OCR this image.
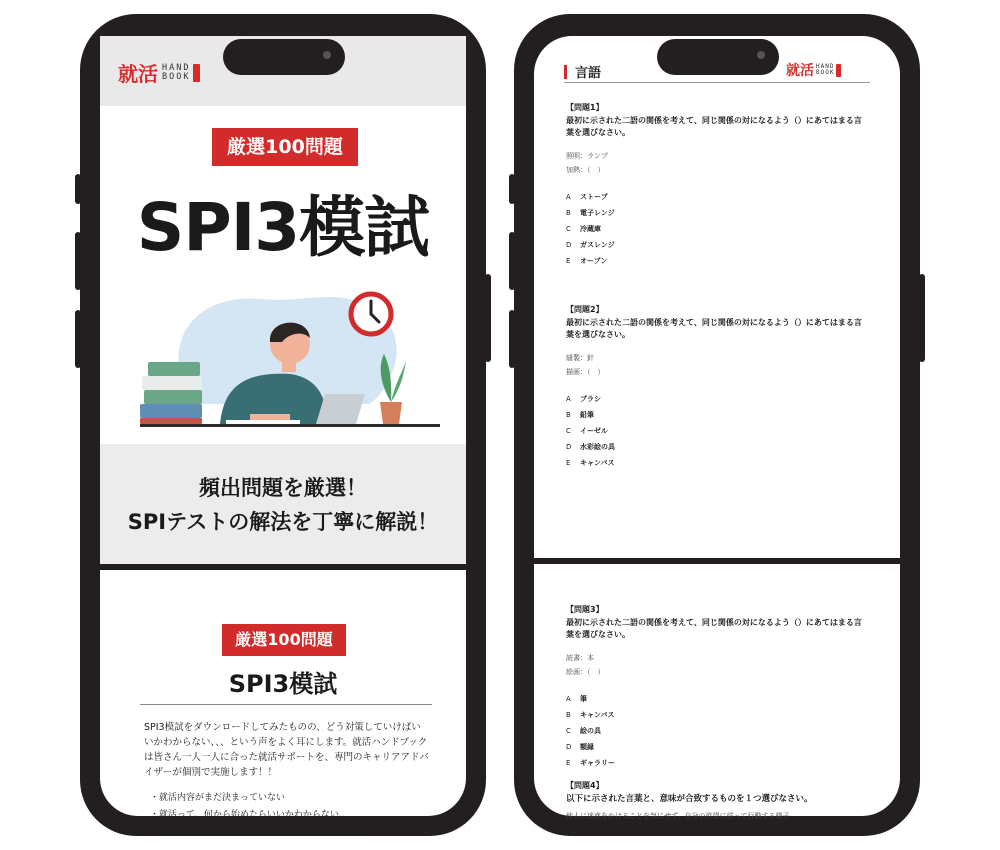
就活 HAND
BOOK
厳選100問題
SPI3模試
頻出問題を厳選！
SPIテストの解法を丁寧に解説！
厳選100問題
SPI3模試

SPI3模試をダウンロードしてみたものの、どう対策していけばいいかわからない、、、という声をよく耳にします。就活ハンドブックは皆さん一人一人に合った就活サポートを、専門のキャリアアドバイザーが個別で実施します！！

・就活内容がまだ決まっていない
・就活って、何から始めたらいいかわからない…
・就活を始めてはいるけれども、うまくいかない…
言語	就活 HAND
BOOK
【問題1】
最初に示された二語の関係を考えて、同じ関係の対になるよう（）にあてはまる言葉を選びなさい。
照明：ランプ
加熱：（　）
A ストーブ
B 電子レンジ
C 冷蔵庫
D ガスレンジ
E オーブン
【問題2】
最初に示された二語の関係を考えて、同じ関係の対になるよう（）にあてはまる言葉を選びなさい。
縫製：針
描画：（　）
A ブラシ
B 鉛筆
C イーゼル
D 水彩絵の具
E キャンバス
【問題3】
最初に示された二語の関係を考えて、同じ関係の対になるよう（）にあてはまる言葉を選びなさい。
読書：本
絵画：（　）
A 筆
B キャンバス
C 絵の具
D 額縁
E ギャラリー
【問題4】
以下に示された言葉と、意味が合致するものを１つ選びなさい。
他人に迷惑をかけることを気にせず、自分の欲望に従って行動する様子
